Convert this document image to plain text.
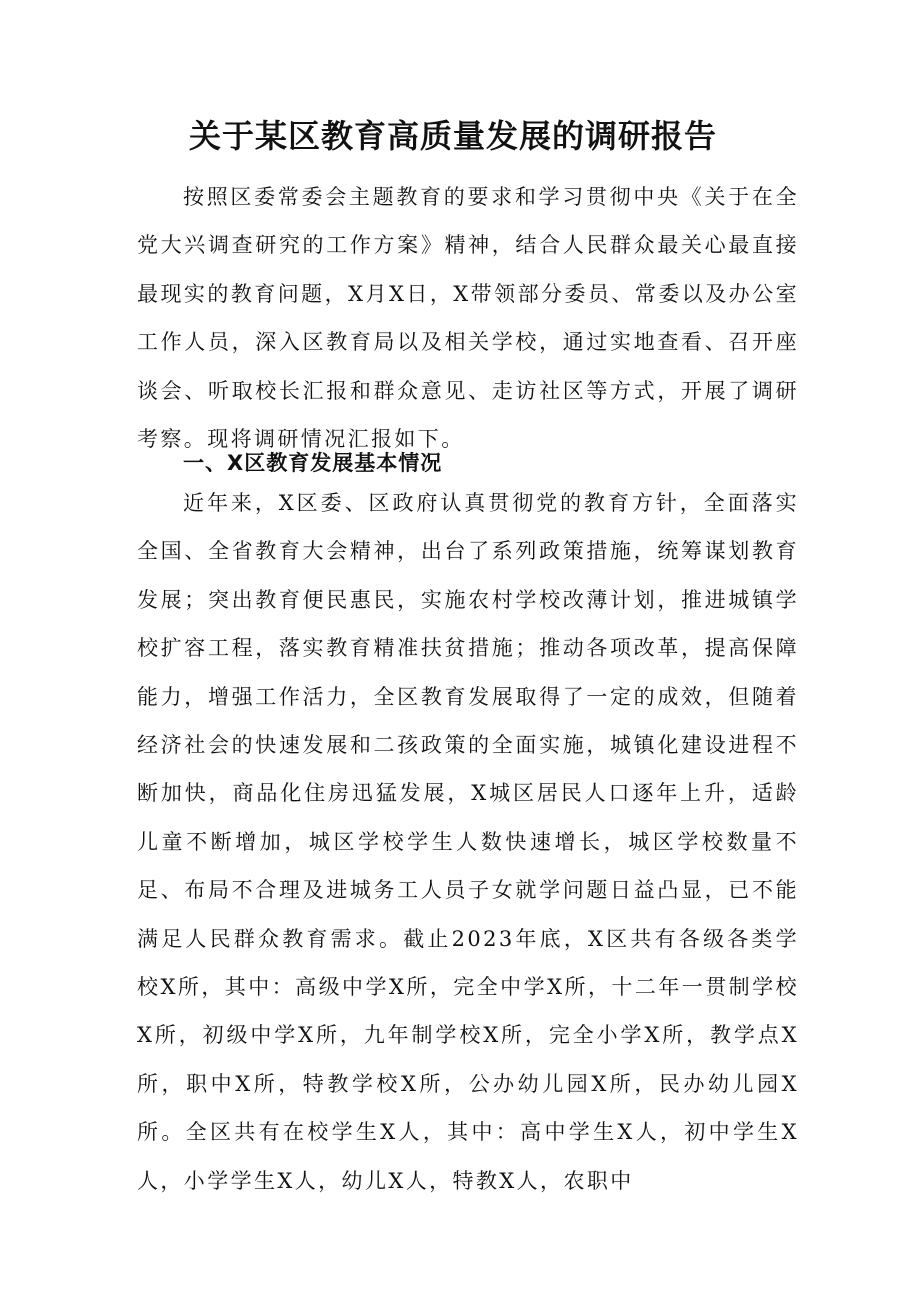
关于某区教育高质量发展的调研报告

按照区委常委会主题教育的要求和学习贯彻中央《关于在全党大兴调查研究的工作方案》精神，结合人民群众最关心最直接最现实的教育问题，X月X日，X带领部分委员、常委以及办公室工作人员，深入区教育局以及相关学校，通过实地查看、召开座谈会、听取校长汇报和群众意见、走访社区等方式，开展了调研考察。现将调研情况汇报如下。

一、X区教育发展基本情况

近年来，X区委、区政府认真贯彻党的教育方针，全面落实全国、全省教育大会精神，出台了系列政策措施，统筹谋划教育发展；突出教育便民惠民，实施农村学校改薄计划，推进城镇学校扩容工程，落实教育精准扶贫措施；推动各项改革，提高保障能力，增强工作活力，全区教育发展取得了一定的成效，但随着经济社会的快速发展和二孩政策的全面实施，城镇化建设进程不断加快，商品化住房迅猛发展，X城区居民人口逐年上升，适龄儿童不断增加，城区学校学生人数快速增长，城区学校数量不足、布局不合理及进城务工人员子女就学问题日益凸显，已不能满足人民群众教育需求。截止2023年底，X区共有各级各类学校X所，其中：高级中学X所，完全中学X所，十二年一贯制学校X所，初级中学X所，九年制学校X所，完全小学X所，教学点X所，职中X所，特教学校X所，公办幼儿园X所，民办幼儿园X所。全区共有在校学生X人，其中：高中学生X人，初中学生X人，小学学生X人，幼儿X人，特教X人，农职中
